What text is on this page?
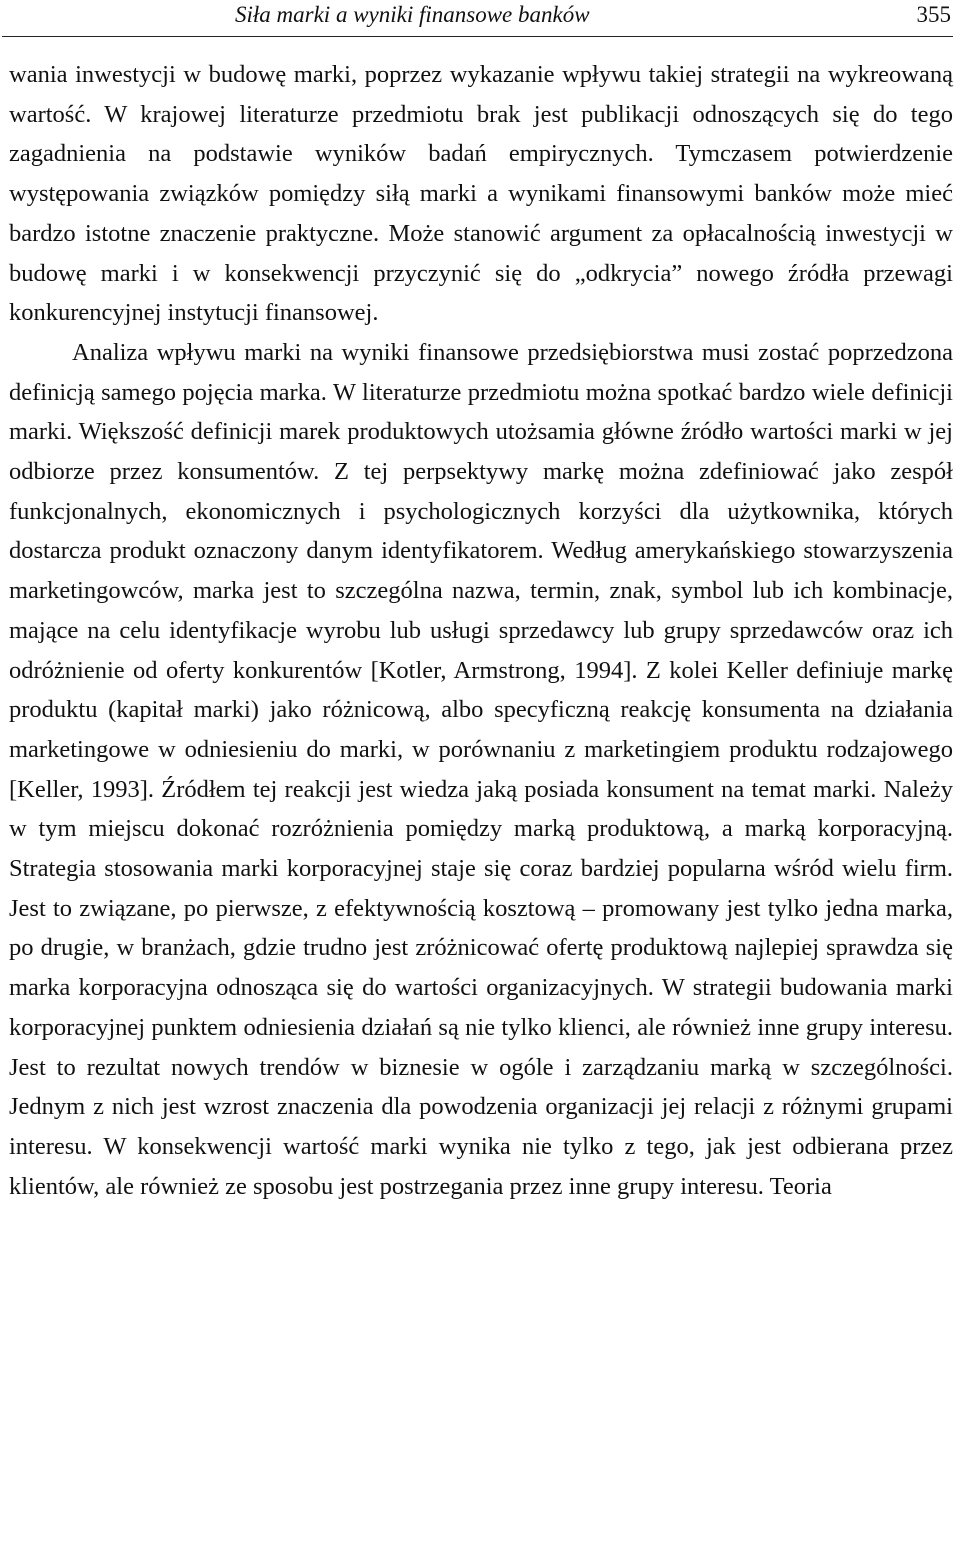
Siła marki a wyniki finansowe banków	355

wania inwestycji w budowę marki, poprzez wykazanie wpływu takiej strategii na wykreowaną wartość. W krajowej literaturze przedmiotu brak jest publikacji odnoszących się do tego zagadnienia na podstawie wyników badań empirycznych. Tymczasem potwierdzenie występowania związków pomiędzy siłą marki a wynikami finansowymi banków może mieć bardzo istotne znaczenie praktyczne. Może stanowić argument za opłacalnością inwestycji w budowę marki i w konsekwencji przyczynić się do „odkrycia” nowego źródła przewagi konkurencyjnej instytucji finansowej.

Analiza wpływu marki na wyniki finansowe przedsiębiorstwa musi zostać poprzedzona definicją samego pojęcia marka. W literaturze przedmiotu można spotkać bardzo wiele definicji marki. Większość definicji marek produktowych utożsamia główne źródło wartości marki w jej odbiorze przez konsumentów. Z tej perpsektywy markę można zdefiniować jako zespół funkcjonalnych, ekonomicznych i psychologicznych korzyści dla użytkownika, których dostarcza produkt oznaczony danym identyfikatorem. Według amerykańskiego stowarzyszenia marketingowców, marka jest to szczególna nazwa, termin, znak, symbol lub ich kombinacje, mające na celu identyfikacje wyrobu lub usługi sprzedawcy lub grupy sprzedawców oraz ich odróżnienie od oferty konkurentów [Kotler, Armstrong, 1994]. Z kolei Keller definiuje markę produktu (kapitał marki) jako różnicową, albo specyficzną reakcję konsumenta na działania marketingowe w odniesieniu do marki, w porównaniu z marketingiem produktu rodzajowego [Keller, 1993]. Źródłem tej reakcji jest wiedza jaką posiada konsument na temat marki. Należy w tym miejscu dokonać rozróżnienia pomiędzy marką produktową, a marką korporacyjną. Strategia stosowania marki korporacyjnej staje się coraz bardziej popularna wśród wielu firm. Jest to związane, po pierwsze, z efektywnością kosztową – promowany jest tylko jedna marka, po drugie, w branżach, gdzie trudno jest zróżnicować ofertę produktową najlepiej sprawdza się marka korporacyjna odnosząca się do wartości organizacyjnych. W strategii budowania marki korporacyjnej punktem odniesienia działań są nie tylko klienci, ale również inne grupy interesu. Jest to rezultat nowych trendów w biznesie w ogóle i zarządzaniu marką w szczególności. Jednym z nich jest wzrost znaczenia dla powodzenia organizacji jej relacji z różnymi grupami interesu. W konsekwencji wartość marki wynika nie tylko z tego, jak jest odbierana przez klientów, ale również ze sposobu jest postrzegania przez inne grupy interesu. Teoria
